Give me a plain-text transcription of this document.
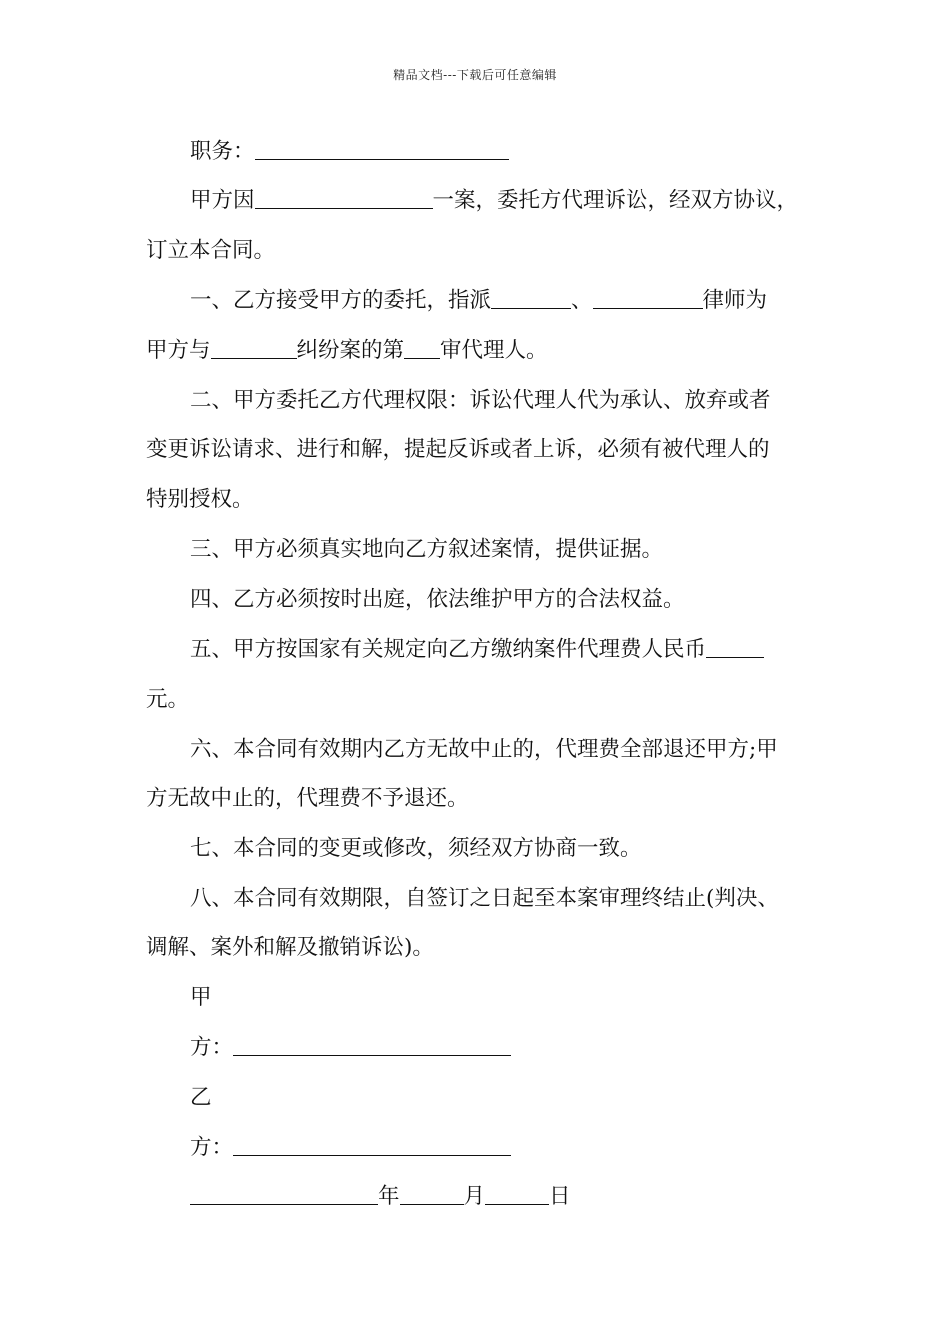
精品文档---下载后可任意编辑
职务：
甲方因	一案，委托方代理诉讼，经双方协议，
订立本合同。
一、乙方接受甲方的委托，指派	、	律师为
甲方与	纠纷案的第 审代理人。
二、甲方委托乙方代理权限：诉讼代理人代为承认、放弃或者
变更诉讼请求、进行和解，提起反诉或者上诉，必须有被代理人的
特别授权。
三、甲方必须真实地向乙方叙述案情，提供证据。
四、乙方必须按时出庭，依法维护甲方的合法权益。
五、甲方按国家有关规定向乙方缴纳案件代理费人民币
元。
六、本合同有效期内乙方无故中止的，代理费全部退还甲方;甲
方无故中止的，代理费不予退还。
七、本合同的变更或修改，须经双方协商一致。
八、本合同有效期限，自签订之日起至本案审理终结止(判决、
调解、案外和解及撤销诉讼)。
甲
方：
乙
方：
年	月	日
